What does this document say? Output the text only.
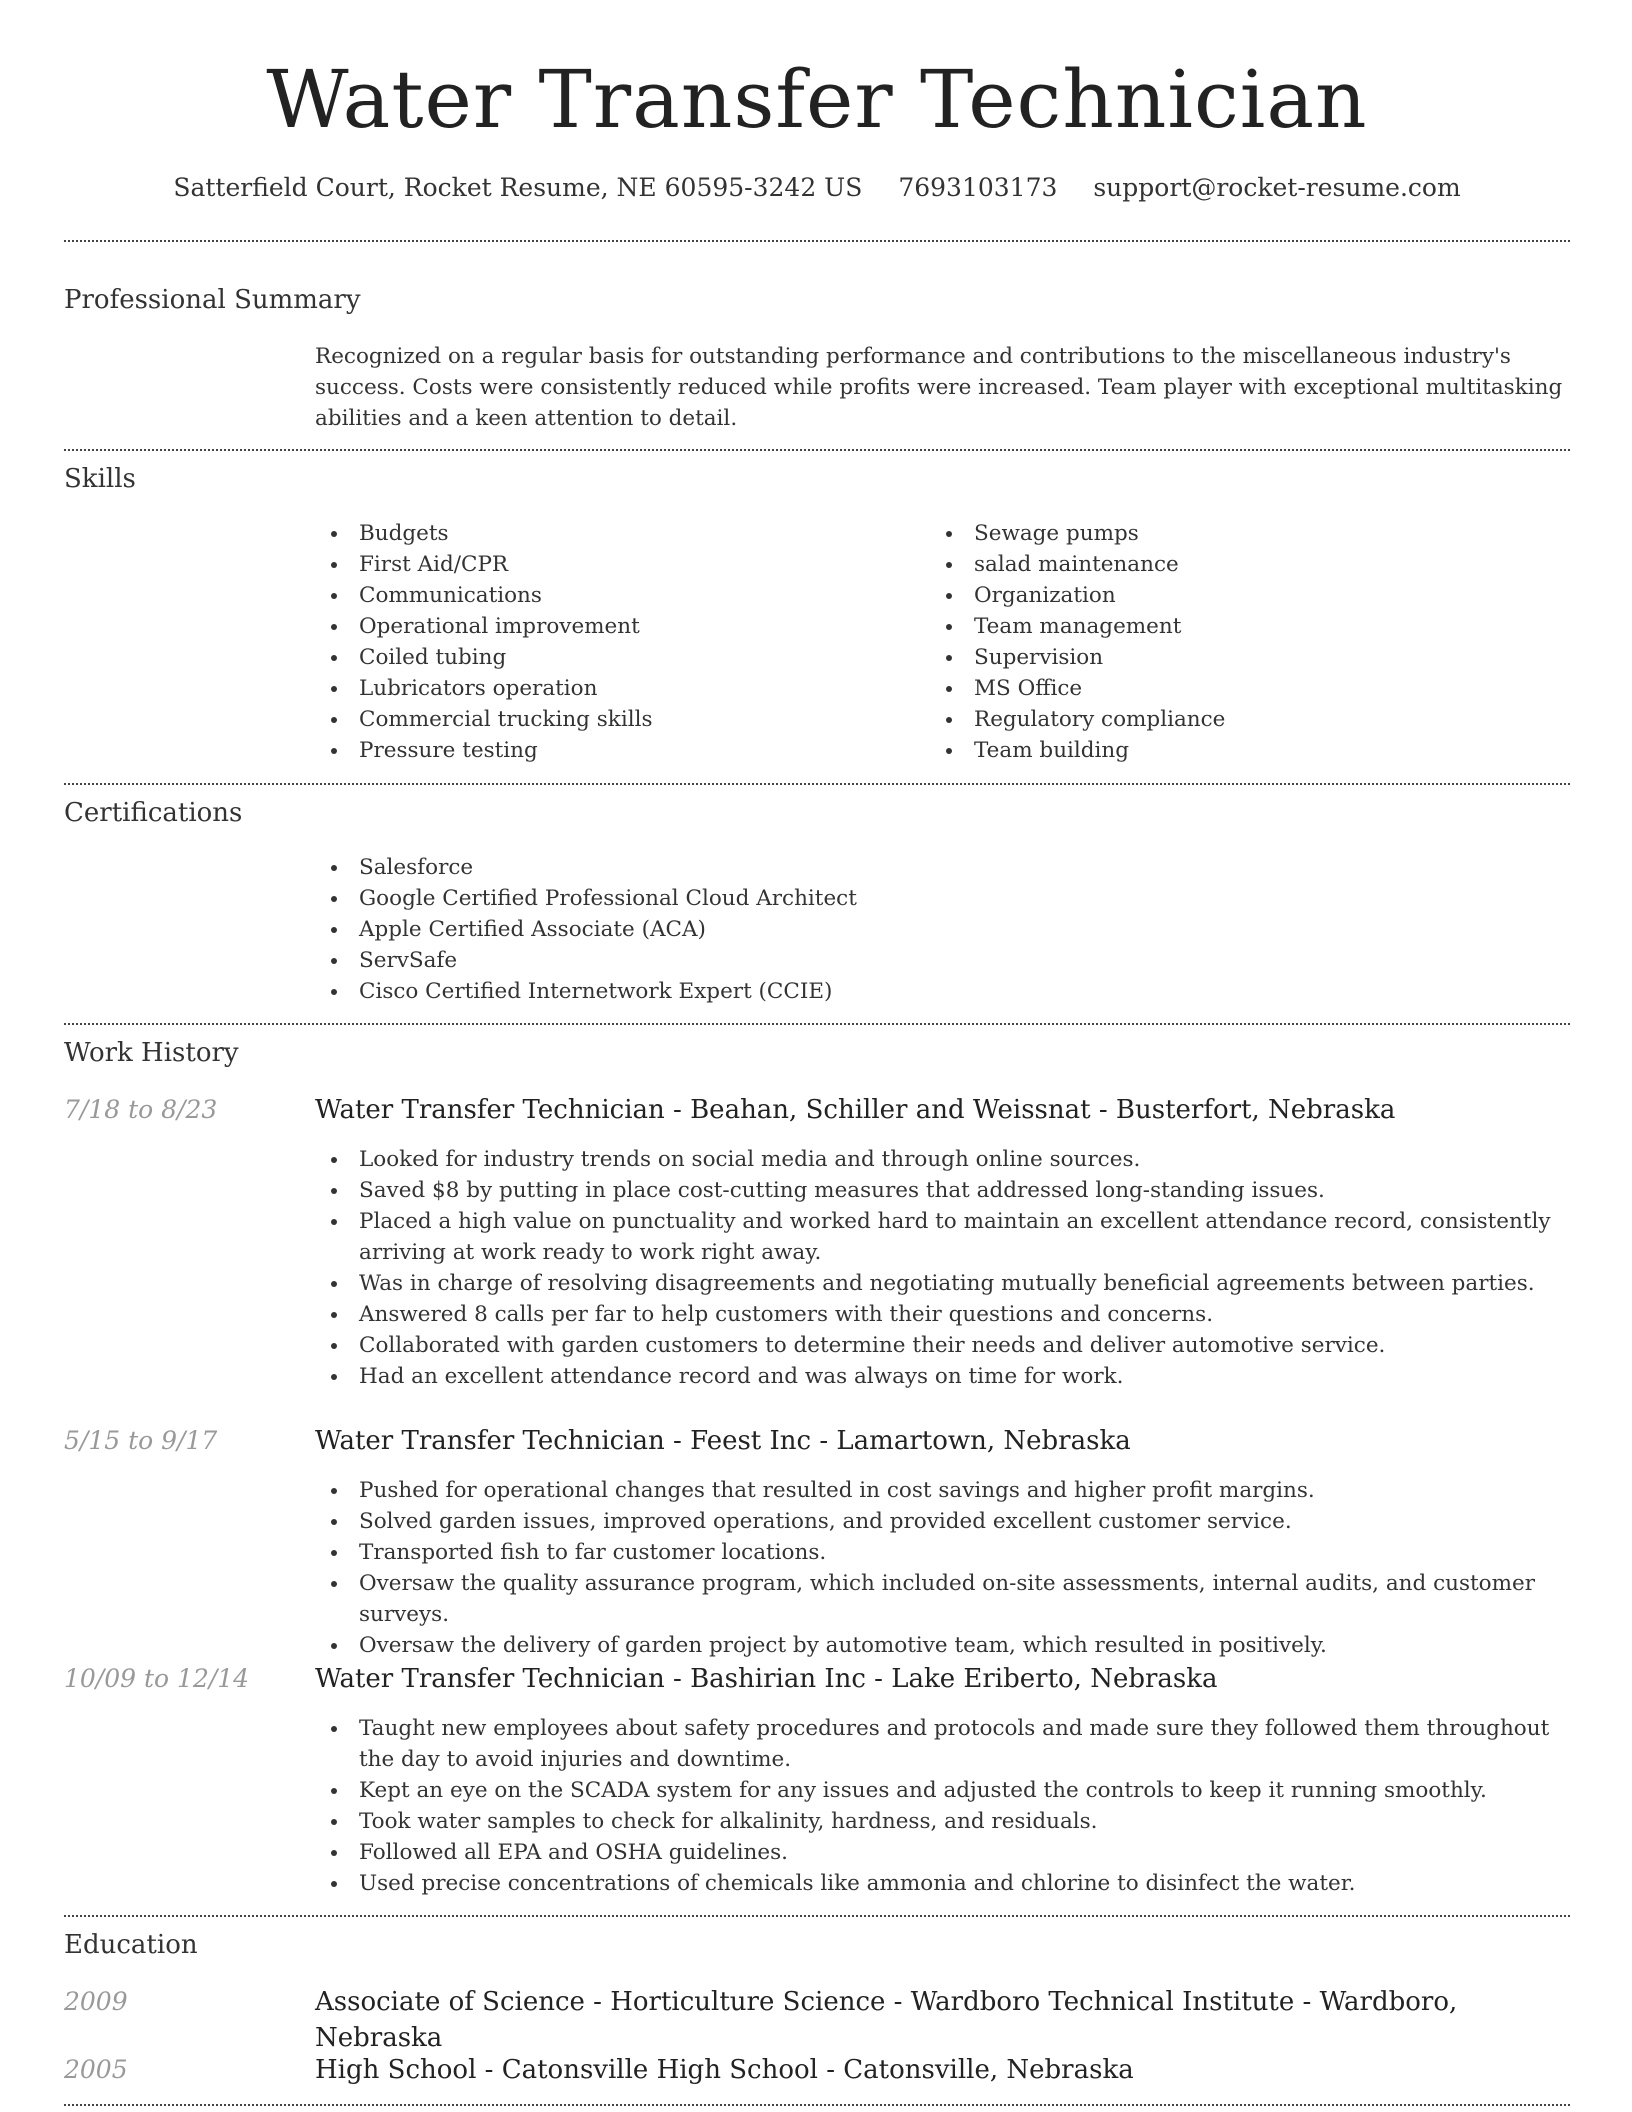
Water Transfer Technician
Satterfield Court, Rocket Resume, NE 60595-3242 US 7693103173 support@rocket-resume.com
Professional Summary
Recognized on a regular basis for outstanding performance and contributions to the miscellaneous industry's success. Costs were consistently reduced while profits were increased. Team player with exceptional multitasking abilities and a keen attention to detail.
Skills
Budgets
First Aid/CPR
Communications
Operational improvement
Coiled tubing
Lubricators operation
Commercial trucking skills
Pressure testing
Sewage pumps
salad maintenance
Organization
Team management
Supervision
MS Office
Regulatory compliance
Team building
Certifications
Salesforce
Google Certified Professional Cloud Architect
Apple Certified Associate (ACA)
ServSafe
Cisco Certified Internetwork Expert (CCIE)
Work History
7/18 to 8/23	Water Transfer Technician - Beahan, Schiller and Weissnat - Busterfort, Nebraska
Looked for industry trends on social media and through online sources.
Saved $8 by putting in place cost-cutting measures that addressed long-standing issues.
Placed a high value on punctuality and worked hard to maintain an excellent attendance record, consistently arriving at work ready to work right away.
Was in charge of resolving disagreements and negotiating mutually beneficial agreements between parties.
Answered 8 calls per far to help customers with their questions and concerns.
Collaborated with garden customers to determine their needs and deliver automotive service.
Had an excellent attendance record and was always on time for work.
5/15 to 9/17	Water Transfer Technician - Feest Inc - Lamartown, Nebraska
Pushed for operational changes that resulted in cost savings and higher profit margins.
Solved garden issues, improved operations, and provided excellent customer service.
Transported fish to far customer locations.
Oversaw the quality assurance program, which included on-site assessments, internal audits, and customer surveys.
Oversaw the delivery of garden project by automotive team, which resulted in positively.
10/09 to 12/14	Water Transfer Technician - Bashirian Inc - Lake Eriberto, Nebraska
Taught new employees about safety procedures and protocols and made sure they followed them throughout the day to avoid injuries and downtime.
Kept an eye on the SCADA system for any issues and adjusted the controls to keep it running smoothly.
Took water samples to check for alkalinity, hardness, and residuals.
Followed all EPA and OSHA guidelines.
Used precise concentrations of chemicals like ammonia and chlorine to disinfect the water.
Education
2009	Associate of Science - Horticulture Science - Wardboro Technical Institute - Wardboro, Nebraska
2005	High School - Catonsville High School - Catonsville, Nebraska
